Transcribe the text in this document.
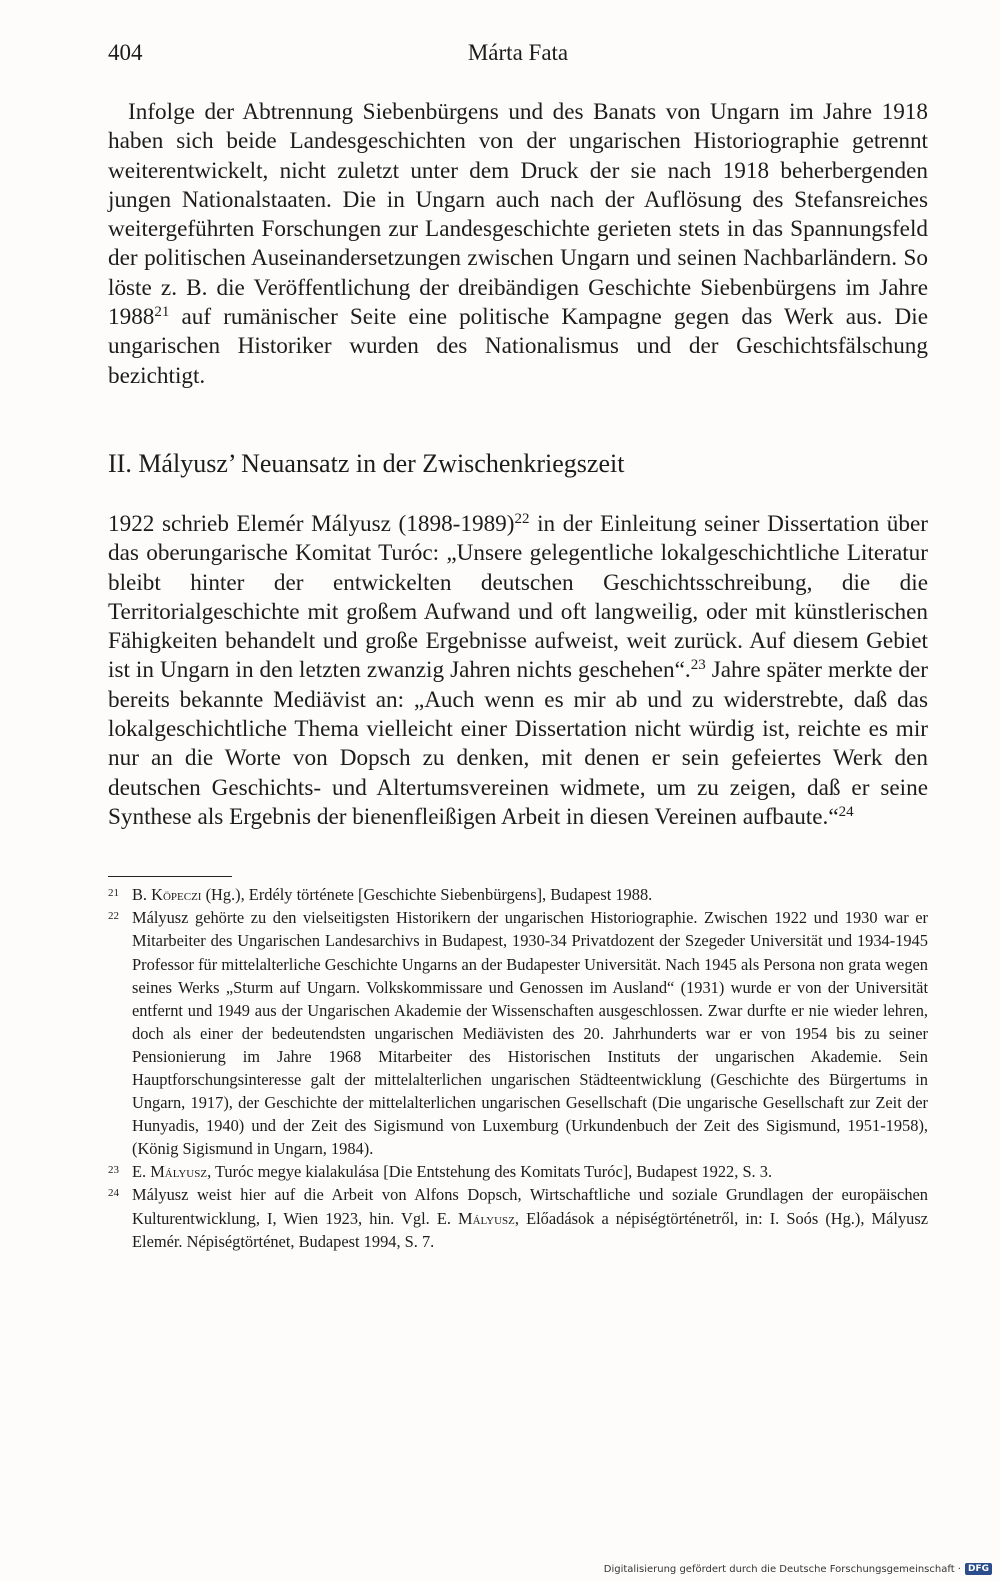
404	Márta Fata

Infolge der Abtrennung Siebenbürgens und des Banats von Ungarn im Jahre 1918 haben sich beide Landesgeschichten von der ungarischen Historiographie getrennt weiterentwickelt, nicht zuletzt unter dem Druck der sie nach 1918 beherbergenden jungen Nationalstaaten. Die in Ungarn auch nach der Auflösung des Stefansreiches weitergeführten Forschungen zur Landesgeschichte gerieten stets in das Spannungsfeld der politischen Auseinandersetzungen zwischen Ungarn und seinen Nachbarländern. So löste z. B. die Veröffentlichung der dreibändigen Geschichte Siebenbürgens im Jahre 1988$^{21}$ auf rumänischer Seite eine politische Kampagne gegen das Werk aus. Die ungarischen Historiker wurden des Nationalismus und der Geschichtsfälschung bezichtigt.

II. Mályusz’ Neuansatz in der Zwischenkriegszeit

1922 schrieb Elemér Mályusz (1898-1989)$^{22}$ in der Einleitung seiner Dissertation über das oberungarische Komitat Turóc: „Unsere gelegentliche lokalgeschichtliche Literatur bleibt hinter der entwickelten deutschen Geschichtsschreibung, die die Territorialgeschichte mit großem Aufwand und oft langweilig, oder mit künstlerischen Fähigkeiten behandelt und große Ergebnisse aufweist, weit zurück. Auf diesem Gebiet ist in Ungarn in den letzten zwanzig Jahren nichts geschehen“.$^{23}$ Jahre später merkte der bereits bekannte Mediävist an: „Auch wenn es mir ab und zu widerstrebte, daß das lokalgeschichtliche Thema vielleicht einer Dissertation nicht würdig ist, reichte es mir nur an die Worte von Dopsch zu denken, mit denen er sein gefeiertes Werk den deutschen Geschichts- und Altertumsvereinen widmete, um zu zeigen, daß er seine Synthese als Ergebnis der bienenfleißigen Arbeit in diesen Vereinen aufbaute.“$^{24}$

21 B. Köpeczi (Hg.), Erdély története [Geschichte Siebenbürgens], Budapest 1988.

22 Mályusz gehörte zu den vielseitigsten Historikern der ungarischen Historiographie. Zwischen 1922 und 1930 war er Mitarbeiter des Ungarischen Landesarchivs in Budapest, 1930-34 Privatdozent der Szegeder Universität und 1934-1945 Professor für mittelalterliche Geschichte Ungarns an der Budapester Universität. Nach 1945 als Persona non grata wegen seines Werks „Sturm auf Ungarn. Volkskommissare und Genossen im Ausland“ (1931) wurde er von der Universität entfernt und 1949 aus der Ungarischen Akademie der Wissenschaften ausgeschlossen. Zwar durfte er nie wieder lehren, doch als einer der bedeutendsten ungarischen Mediävisten des 20. Jahrhunderts war er von 1954 bis zu seiner Pensionierung im Jahre 1968 Mitarbeiter des Historischen Instituts der ungarischen Akademie. Sein Hauptforschungsinteresse galt der mittelalterlichen ungarischen Städteentwicklung (Geschichte des Bürgertums in Ungarn, 1917), der Geschichte der mittelalterlichen ungarischen Gesellschaft (Die ungarische Gesellschaft zur Zeit der Hunyadis, 1940) und der Zeit des Sigismund von Luxemburg (Urkundenbuch der Zeit des Sigismund, 1951-1958), (König Sigismund in Ungarn, 1984).

23 E. Mályusz, Turóc megye kialakulása [Die Entstehung des Komitats Turóc], Budapest 1922, S. 3.

24 Mályusz weist hier auf die Arbeit von Alfons Dopsch, Wirtschaftliche und soziale Grundlagen der europäischen Kulturentwicklung, I, Wien 1923, hin. Vgl. E. Mályusz, Előadások a népiségtörténetről, in: I. Soós (Hg.), Mályusz Elemér. Népiségtörténet, Budapest 1994, S. 7.

Digitalisierung gefördert durch die Deutsche Forschungsgemeinschaft · DFG
